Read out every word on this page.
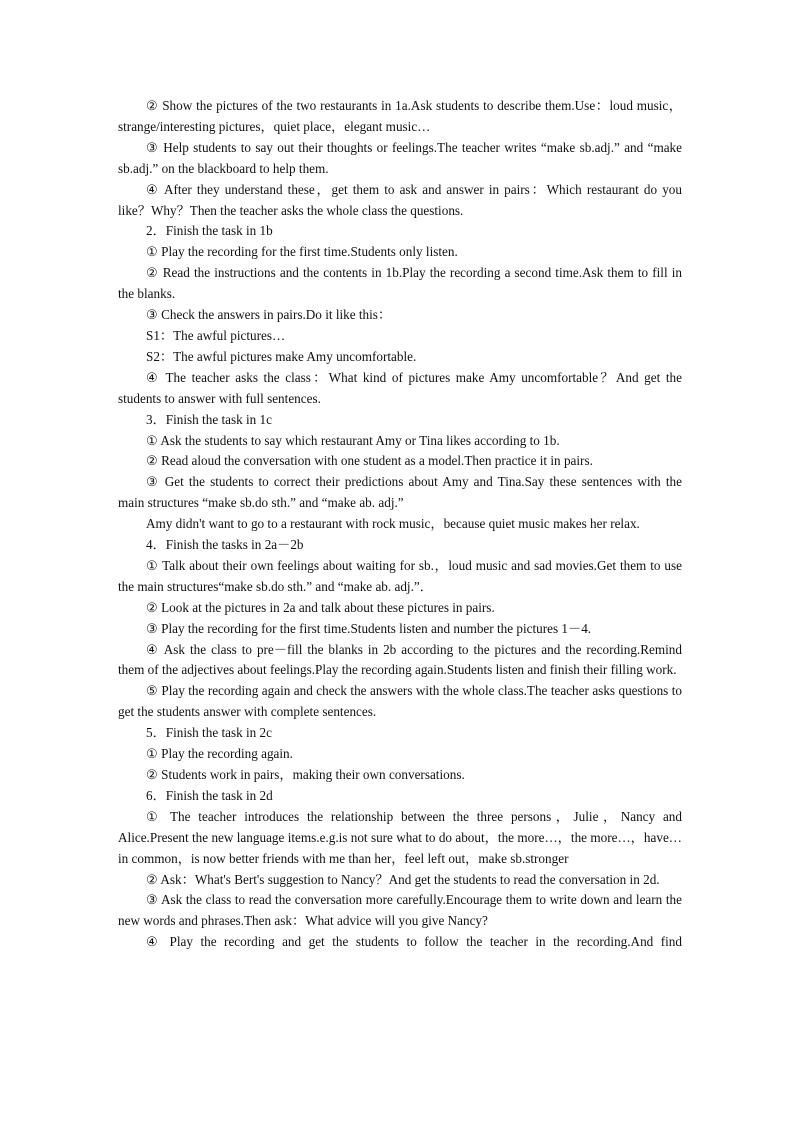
② Show the pictures of the two restaurants in 1a.Ask students to describe them.Use：loud music，strange/interesting pictures，quiet place，elegant music…

③ Help students to say out their thoughts or feelings.The teacher writes “make sb.adj.” and “make sb.adj.” on the blackboard to help them.

④ After they understand these，get them to ask and answer in pairs：Which restaurant do you like？Why？Then the teacher asks the whole class the questions.

2．Finish the task in 1b

① Play the recording for the first time.Students only listen.

② Read the instructions and the contents in 1b.Play the recording a second time.Ask them to fill in the blanks.

③ Check the answers in pairs.Do it like this：

S1：The awful pictures…

S2：The awful pictures make Amy uncomfortable.

④ The teacher asks the class：What kind of pictures make Amy uncomfortable？And get the students to answer with full sentences.

3．Finish the task in 1c

① Ask the students to say which restaurant Amy or Tina likes according to 1b.

② Read aloud the conversation with one student as a model.Then practice it in pairs.

③ Get the students to correct their predictions about Amy and Tina.Say these sentences with the main structures “make sb.do sth.” and “make ab. adj.”

Amy didn't want to go to a restaurant with rock music，because quiet music makes her relax.

4．Finish the tasks in 2a－2b

① Talk about their own feelings about waiting for sb.，loud music and sad movies.Get them to use the main structures“make sb.do sth.” and “make ab. adj.”．

② Look at the pictures in 2a and talk about these pictures in pairs.

③ Play the recording for the first time.Students listen and number the pictures 1－4.

④ Ask the class to pre－fill the blanks in 2b according to the pictures and the recording.Remind them of the adjectives about feelings.Play the recording again.Students listen and finish their filling work.

⑤ Play the recording again and check the answers with the whole class.The teacher asks questions to get the students answer with complete sentences.

5．Finish the task in 2c

① Play the recording again.

② Students work in pairs，making their own conversations.

6．Finish the task in 2d

① The teacher introduces the relationship between the three persons，Julie，Nancy and Alice.Present the new language items.e.g.is not sure what to do about，the more…，the more…，have…in common，is now better friends with me than her，feel left out，make sb.stronger

② Ask：What's Bert's suggestion to Nancy？And get the students to read the conversation in 2d.

③ Ask the class to read the conversation more carefully.Encourage them to write down and learn the new words and phrases.Then ask：What advice will you give Nancy?

④ Play the recording and get the students to follow the teacher in the recording.And find
